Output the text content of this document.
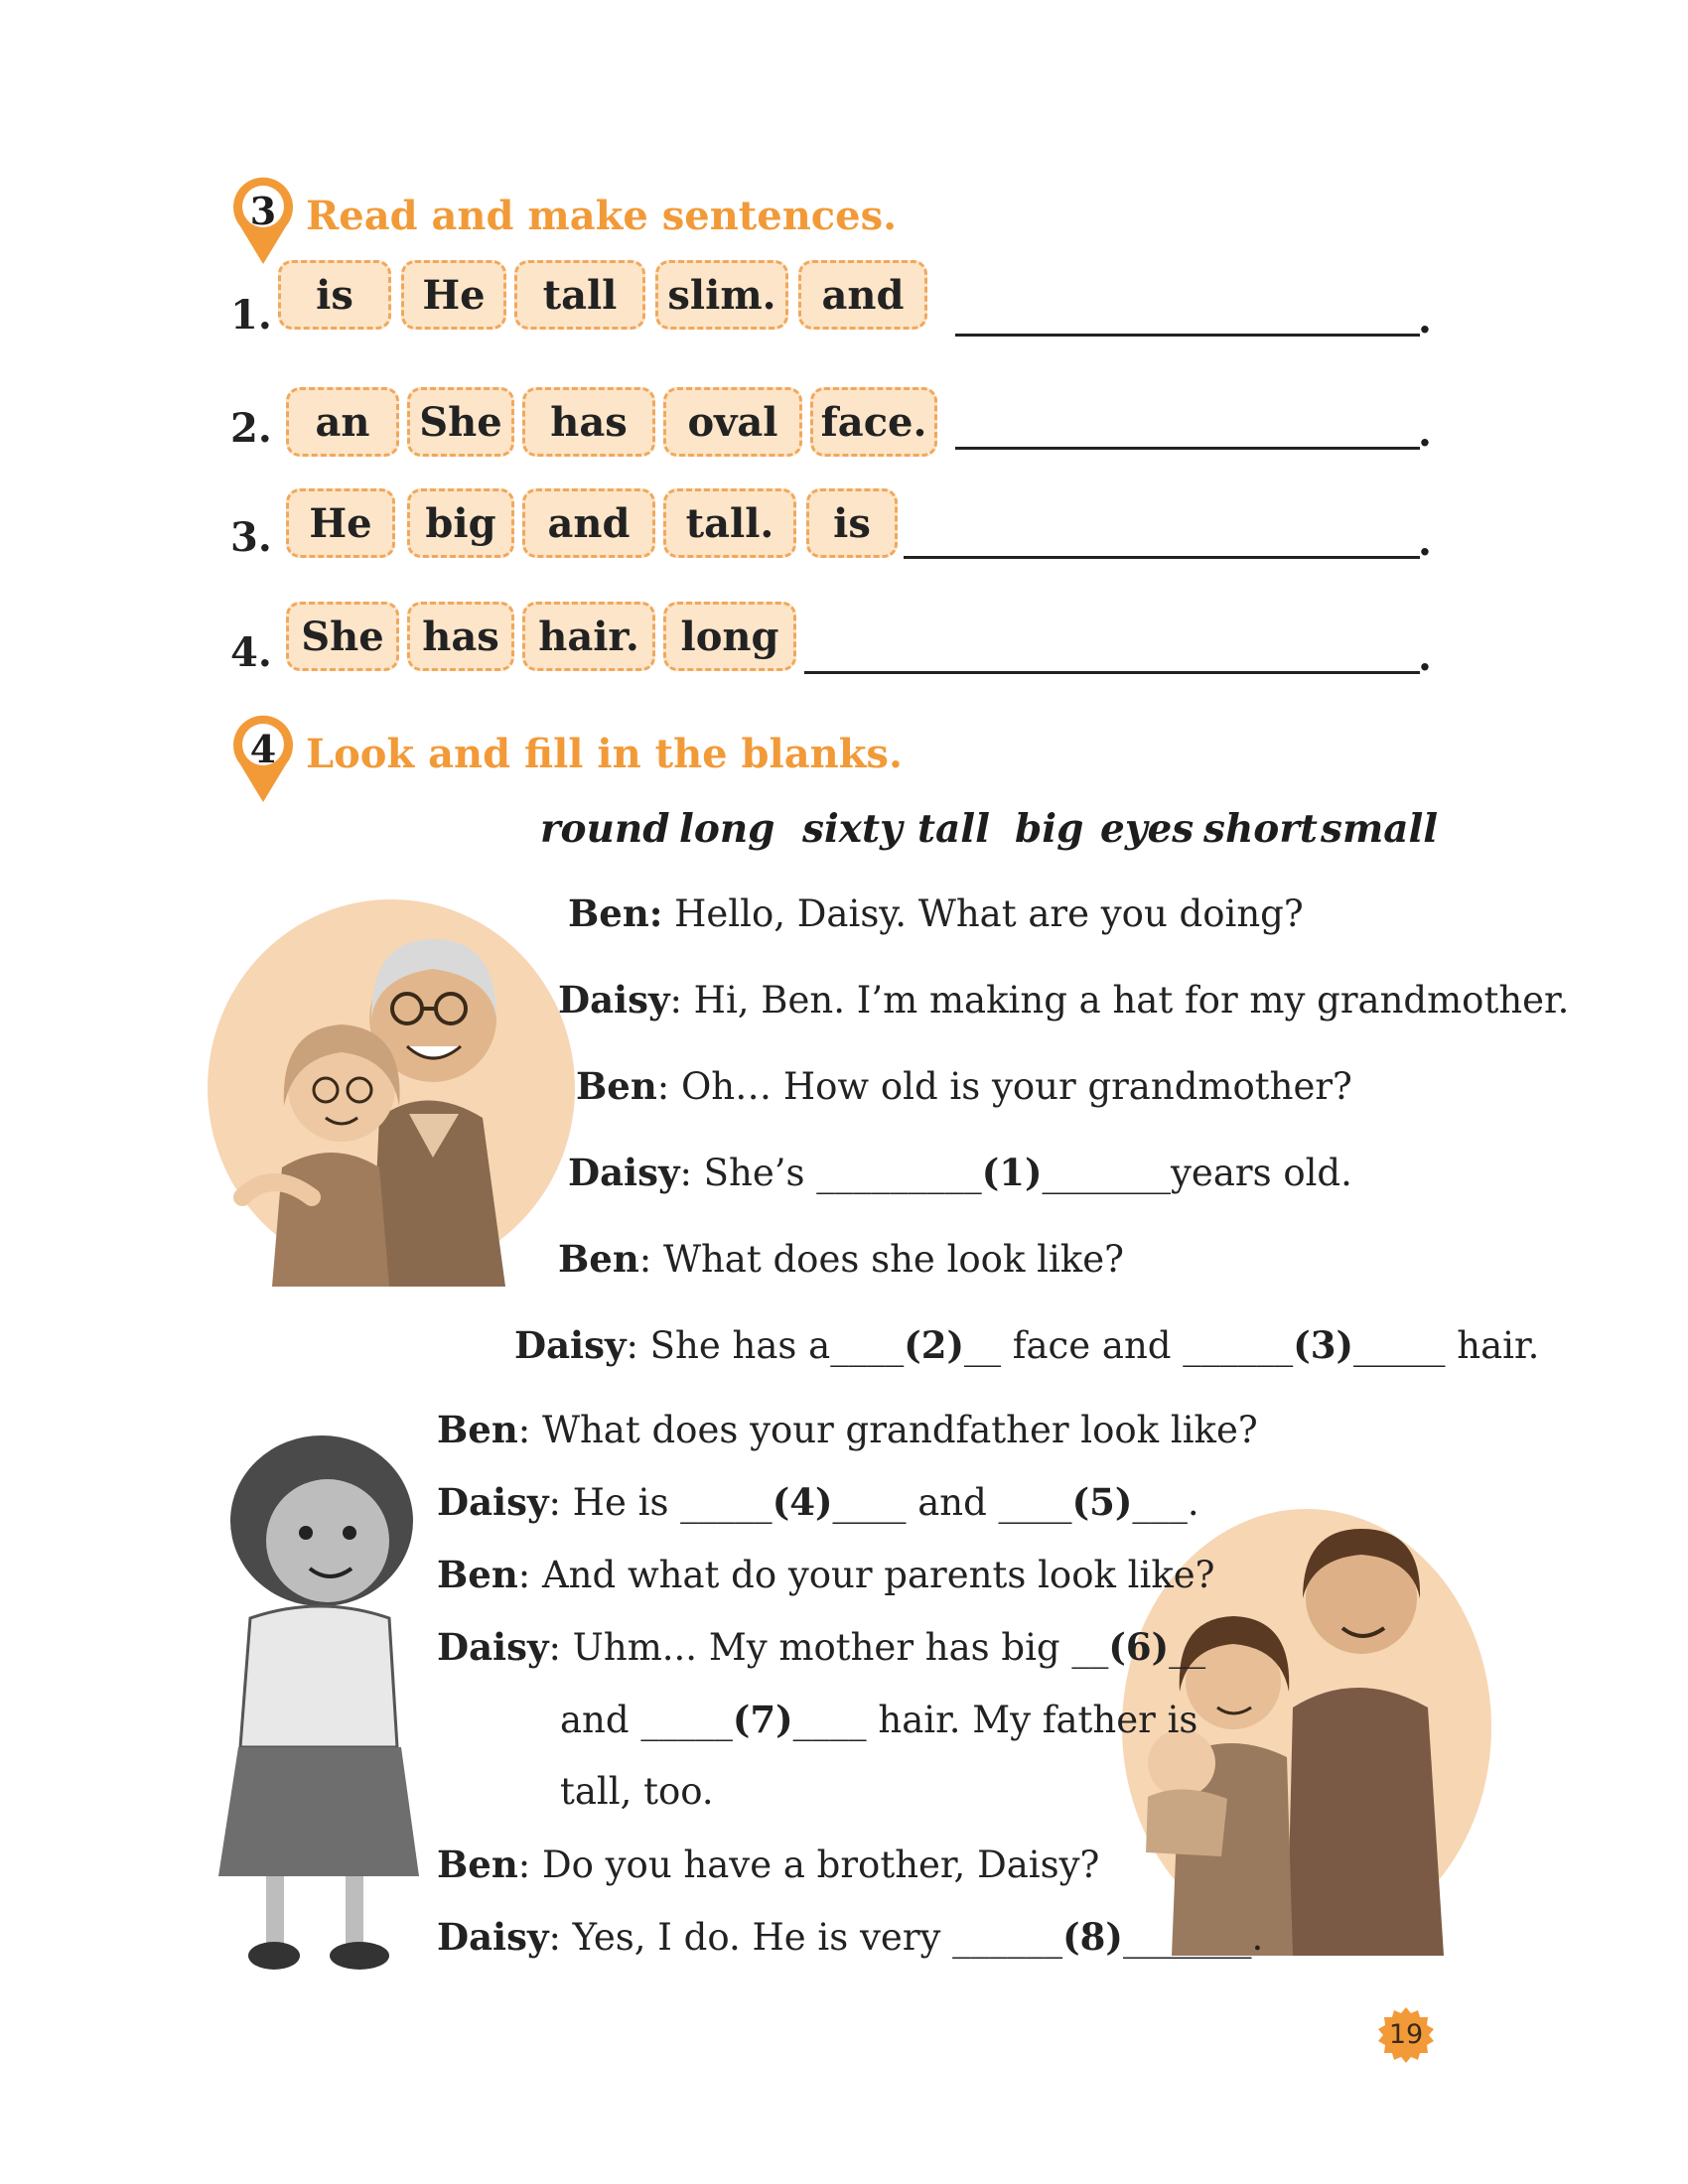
3 Read and make sentences.
1.	is	He	tall	slim.	and
.
2.	an	She	has	oval	face.	.
3. He	big	and	tall.	is	.
4. She has hair.	long	.
4 Look and fill in the blanks.
round long sixty tall big eyes short small
Ben: Hello, Daisy. What are you doing?
Daisy: Hi, Ben. I’m making a hat for my grandmother.
Ben: Oh… How old is your grandmother?
Daisy: She’s _________(1)_______years old.
Ben: What does she look like?
Daisy: She has a____(2)__ face and ______(3)_____ hair.
Ben: What does your grandfather look like?
Daisy: He is _____(4)____ and ____(5)___.
Ben: And what do your parents look like?
Daisy: Uhm... My mother has big __(6)__
and _____(7)____ hair. My father is
tall, too.
Ben: Do you have a brother, Daisy?
Daisy: Yes, I do. He is very ______(8)_______.
19
